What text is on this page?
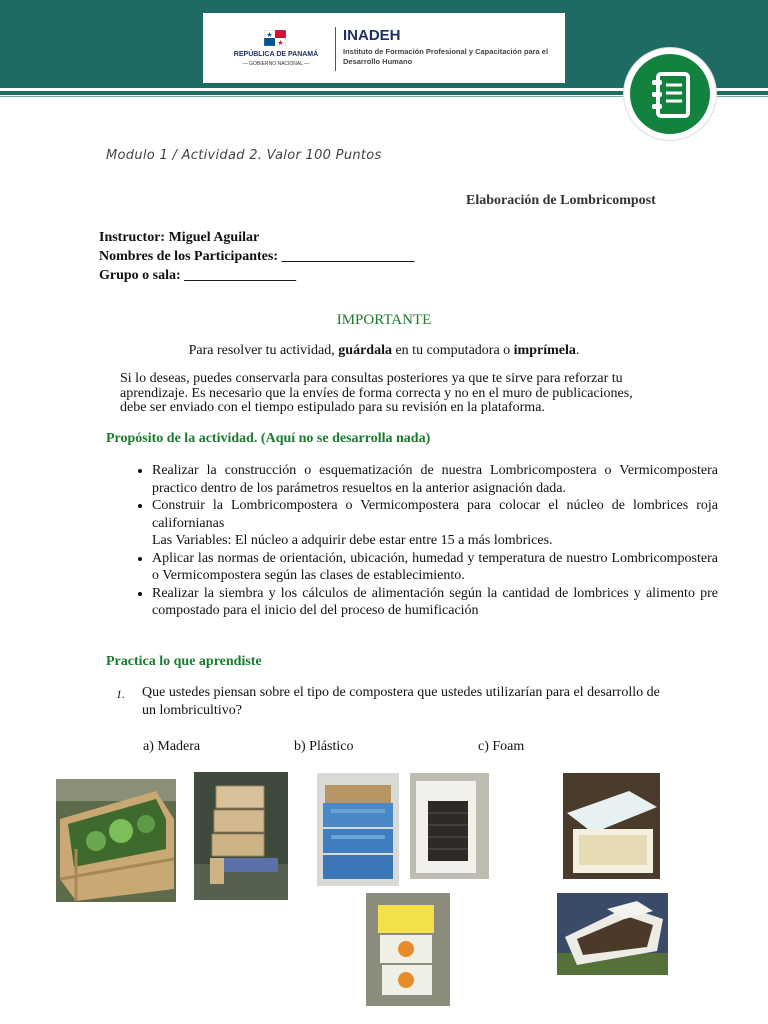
REPÚBLICA DE PANAMÁ
— GOBIERNO NACIONAL —
INADEH
Instituto de Formación Profesional y Capacitación para el Desarrollo Humano
Modulo 1 / Actividad 2. Valor 100 Puntos
Elaboración de Lombricompost
Instructor: Miguel Aguilar
Nombres de los Participantes: ___________________
Grupo o sala: ________________
IMPORTANTE
Para resolver tu actividad, guárdala en tu computadora o imprímela.
Si lo deseas, puedes conservarla para consultas posteriores ya que te sirve para reforzar tu aprendizaje. Es necesario que la envíes de forma correcta y no en el muro de publicaciones, debe ser enviado con el tiempo estipulado para su revisión en la plataforma.
Propósito de la actividad. (Aquí no se desarrolla nada)
• Realizar la construcción o esquematización de nuestra Lombricompostera o Vermicompostera practico dentro de los parámetros resueltos en la anterior asignación dada.
• Construir la Lombricompostera o Vermicompostera para colocar el núcleo de lombrices roja californianas
Las Variables: El núcleo a adquirir debe estar entre 15 a más lombrices.
• Aplicar las normas de orientación, ubicación, humedad y temperatura de nuestro Lombricompostera o Vermicompostera según las clases de establecimiento.
• Realizar la siembra y los cálculos de alimentación según la cantidad de lombrices y alimento pre compostado para el inicio del del proceso de humificación
Practica lo que aprendiste
1. Que ustedes piensan sobre el tipo de compostera que ustedes utilizarían para el desarrollo de un lombricultivo?
a) Madera	b) Plástico	c) Foam
